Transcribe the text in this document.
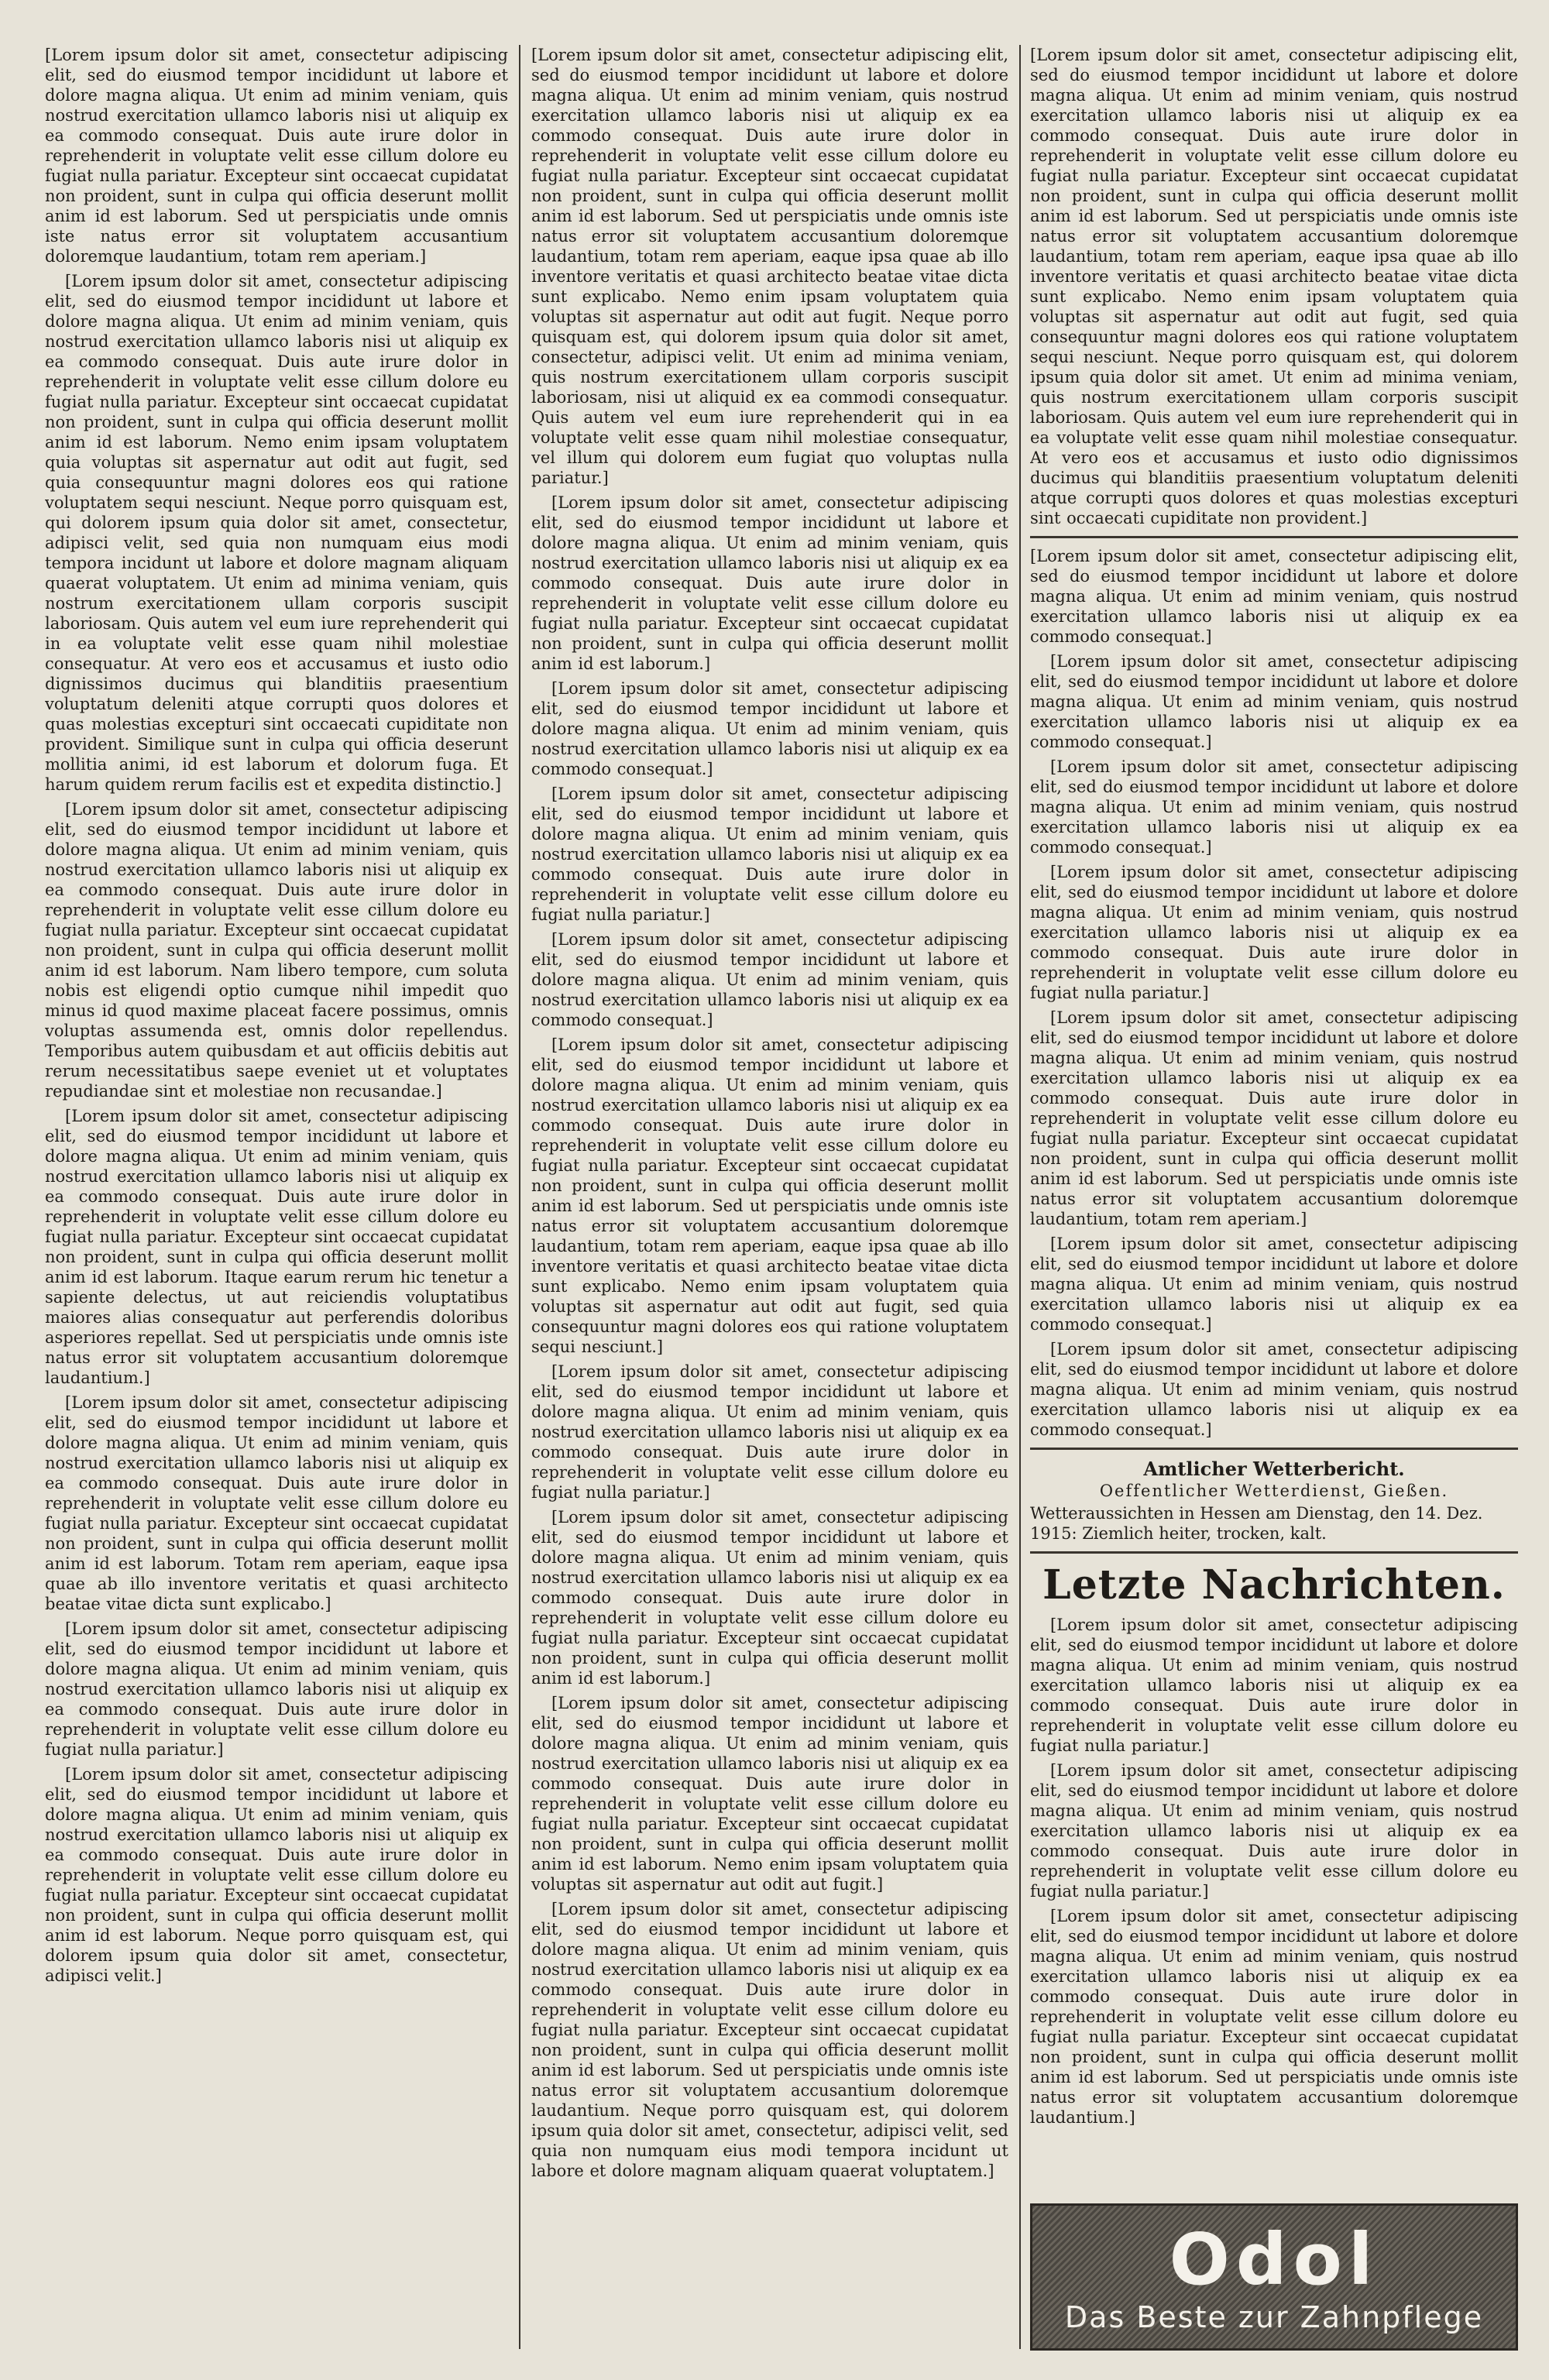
[Lorem ipsum dolor sit amet, consectetur adipiscing elit, sed do eiusmod tempor incididunt ut labore et dolore magna aliqua. Ut enim ad minim veniam, quis nostrud exercitation ullamco laboris nisi ut aliquip ex ea commodo consequat. Duis aute irure dolor in reprehenderit in voluptate velit esse cillum dolore eu fugiat nulla pariatur. Excepteur sint occaecat cupidatat non proident, sunt in culpa qui officia deserunt mollit anim id est laborum. Sed ut perspiciatis unde omnis iste natus error sit voluptatem accusantium doloremque laudantium, totam rem aperiam.]

[Lorem ipsum dolor sit amet, consectetur adipiscing elit, sed do eiusmod tempor incididunt ut labore et dolore magna aliqua. Ut enim ad minim veniam, quis nostrud exercitation ullamco laboris nisi ut aliquip ex ea commodo consequat. Duis aute irure dolor in reprehenderit in voluptate velit esse cillum dolore eu fugiat nulla pariatur. Excepteur sint occaecat cupidatat non proident, sunt in culpa qui officia deserunt mollit anim id est laborum. Nemo enim ipsam voluptatem quia voluptas sit aspernatur aut odit aut fugit, sed quia consequuntur magni dolores eos qui ratione voluptatem sequi nesciunt. Neque porro quisquam est, qui dolorem ipsum quia dolor sit amet, consectetur, adipisci velit, sed quia non numquam eius modi tempora incidunt ut labore et dolore magnam aliquam quaerat voluptatem. Ut enim ad minima veniam, quis nostrum exercitationem ullam corporis suscipit laboriosam. Quis autem vel eum iure reprehenderit qui in ea voluptate velit esse quam nihil molestiae consequatur. At vero eos et accusamus et iusto odio dignissimos ducimus qui blanditiis praesentium voluptatum deleniti atque corrupti quos dolores et quas molestias excepturi sint occaecati cupiditate non provident. Similique sunt in culpa qui officia deserunt mollitia animi, id est laborum et dolorum fuga. Et harum quidem rerum facilis est et expedita distinctio.]

[Lorem ipsum dolor sit amet, consectetur adipiscing elit, sed do eiusmod tempor incididunt ut labore et dolore magna aliqua. Ut enim ad minim veniam, quis nostrud exercitation ullamco laboris nisi ut aliquip ex ea commodo consequat. Duis aute irure dolor in reprehenderit in voluptate velit esse cillum dolore eu fugiat nulla pariatur. Excepteur sint occaecat cupidatat non proident, sunt in culpa qui officia deserunt mollit anim id est laborum. Nam libero tempore, cum soluta nobis est eligendi optio cumque nihil impedit quo minus id quod maxime placeat facere possimus, omnis voluptas assumenda est, omnis dolor repellendus. Temporibus autem quibusdam et aut officiis debitis aut rerum necessitatibus saepe eveniet ut et voluptates repudiandae sint et molestiae non recusandae.]

[Lorem ipsum dolor sit amet, consectetur adipiscing elit, sed do eiusmod tempor incididunt ut labore et dolore magna aliqua. Ut enim ad minim veniam, quis nostrud exercitation ullamco laboris nisi ut aliquip ex ea commodo consequat. Duis aute irure dolor in reprehenderit in voluptate velit esse cillum dolore eu fugiat nulla pariatur. Excepteur sint occaecat cupidatat non proident, sunt in culpa qui officia deserunt mollit anim id est laborum. Itaque earum rerum hic tenetur a sapiente delectus, ut aut reiciendis voluptatibus maiores alias consequatur aut perferendis doloribus asperiores repellat. Sed ut perspiciatis unde omnis iste natus error sit voluptatem accusantium doloremque laudantium.]

[Lorem ipsum dolor sit amet, consectetur adipiscing elit, sed do eiusmod tempor incididunt ut labore et dolore magna aliqua. Ut enim ad minim veniam, quis nostrud exercitation ullamco laboris nisi ut aliquip ex ea commodo consequat. Duis aute irure dolor in reprehenderit in voluptate velit esse cillum dolore eu fugiat nulla pariatur. Excepteur sint occaecat cupidatat non proident, sunt in culpa qui officia deserunt mollit anim id est laborum. Totam rem aperiam, eaque ipsa quae ab illo inventore veritatis et quasi architecto beatae vitae dicta sunt explicabo.]

[Lorem ipsum dolor sit amet, consectetur adipiscing elit, sed do eiusmod tempor incididunt ut labore et dolore magna aliqua. Ut enim ad minim veniam, quis nostrud exercitation ullamco laboris nisi ut aliquip ex ea commodo consequat. Duis aute irure dolor in reprehenderit in voluptate velit esse cillum dolore eu fugiat nulla pariatur.]

[Lorem ipsum dolor sit amet, consectetur adipiscing elit, sed do eiusmod tempor incididunt ut labore et dolore magna aliqua. Ut enim ad minim veniam, quis nostrud exercitation ullamco laboris nisi ut aliquip ex ea commodo consequat. Duis aute irure dolor in reprehenderit in voluptate velit esse cillum dolore eu fugiat nulla pariatur. Excepteur sint occaecat cupidatat non proident, sunt in culpa qui officia deserunt mollit anim id est laborum. Neque porro quisquam est, qui dolorem ipsum quia dolor sit amet, consectetur, adipisci velit.]

[Lorem ipsum dolor sit amet, consectetur adipiscing elit, sed do eiusmod tempor incididunt ut labore et dolore magna aliqua. Ut enim ad minim veniam, quis nostrud exercitation ullamco laboris nisi ut aliquip ex ea commodo consequat. Duis aute irure dolor in reprehenderit in voluptate velit esse cillum dolore eu fugiat nulla pariatur. Excepteur sint occaecat cupidatat non proident, sunt in culpa qui officia deserunt mollit anim id est laborum. Sed ut perspiciatis unde omnis iste natus error sit voluptatem accusantium doloremque laudantium, totam rem aperiam, eaque ipsa quae ab illo inventore veritatis et quasi architecto beatae vitae dicta sunt explicabo. Nemo enim ipsam voluptatem quia voluptas sit aspernatur aut odit aut fugit. Neque porro quisquam est, qui dolorem ipsum quia dolor sit amet, consectetur, adipisci velit. Ut enim ad minima veniam, quis nostrum exercitationem ullam corporis suscipit laboriosam, nisi ut aliquid ex ea commodi consequatur. Quis autem vel eum iure reprehenderit qui in ea voluptate velit esse quam nihil molestiae consequatur, vel illum qui dolorem eum fugiat quo voluptas nulla pariatur.]

[Lorem ipsum dolor sit amet, consectetur adipiscing elit, sed do eiusmod tempor incididunt ut labore et dolore magna aliqua. Ut enim ad minim veniam, quis nostrud exercitation ullamco laboris nisi ut aliquip ex ea commodo consequat. Duis aute irure dolor in reprehenderit in voluptate velit esse cillum dolore eu fugiat nulla pariatur. Excepteur sint occaecat cupidatat non proident, sunt in culpa qui officia deserunt mollit anim id est laborum.]

[Lorem ipsum dolor sit amet, consectetur adipiscing elit, sed do eiusmod tempor incididunt ut labore et dolore magna aliqua. Ut enim ad minim veniam, quis nostrud exercitation ullamco laboris nisi ut aliquip ex ea commodo consequat.]

[Lorem ipsum dolor sit amet, consectetur adipiscing elit, sed do eiusmod tempor incididunt ut labore et dolore magna aliqua. Ut enim ad minim veniam, quis nostrud exercitation ullamco laboris nisi ut aliquip ex ea commodo consequat. Duis aute irure dolor in reprehenderit in voluptate velit esse cillum dolore eu fugiat nulla pariatur.]

[Lorem ipsum dolor sit amet, consectetur adipiscing elit, sed do eiusmod tempor incididunt ut labore et dolore magna aliqua. Ut enim ad minim veniam, quis nostrud exercitation ullamco laboris nisi ut aliquip ex ea commodo consequat.]

[Lorem ipsum dolor sit amet, consectetur adipiscing elit, sed do eiusmod tempor incididunt ut labore et dolore magna aliqua. Ut enim ad minim veniam, quis nostrud exercitation ullamco laboris nisi ut aliquip ex ea commodo consequat. Duis aute irure dolor in reprehenderit in voluptate velit esse cillum dolore eu fugiat nulla pariatur. Excepteur sint occaecat cupidatat non proident, sunt in culpa qui officia deserunt mollit anim id est laborum. Sed ut perspiciatis unde omnis iste natus error sit voluptatem accusantium doloremque laudantium, totam rem aperiam, eaque ipsa quae ab illo inventore veritatis et quasi architecto beatae vitae dicta sunt explicabo. Nemo enim ipsam voluptatem quia voluptas sit aspernatur aut odit aut fugit, sed quia consequuntur magni dolores eos qui ratione voluptatem sequi nesciunt.]

[Lorem ipsum dolor sit amet, consectetur adipiscing elit, sed do eiusmod tempor incididunt ut labore et dolore magna aliqua. Ut enim ad minim veniam, quis nostrud exercitation ullamco laboris nisi ut aliquip ex ea commodo consequat. Duis aute irure dolor in reprehenderit in voluptate velit esse cillum dolore eu fugiat nulla pariatur.]

[Lorem ipsum dolor sit amet, consectetur adipiscing elit, sed do eiusmod tempor incididunt ut labore et dolore magna aliqua. Ut enim ad minim veniam, quis nostrud exercitation ullamco laboris nisi ut aliquip ex ea commodo consequat. Duis aute irure dolor in reprehenderit in voluptate velit esse cillum dolore eu fugiat nulla pariatur. Excepteur sint occaecat cupidatat non proident, sunt in culpa qui officia deserunt mollit anim id est laborum.]

[Lorem ipsum dolor sit amet, consectetur adipiscing elit, sed do eiusmod tempor incididunt ut labore et dolore magna aliqua. Ut enim ad minim veniam, quis nostrud exercitation ullamco laboris nisi ut aliquip ex ea commodo consequat. Duis aute irure dolor in reprehenderit in voluptate velit esse cillum dolore eu fugiat nulla pariatur. Excepteur sint occaecat cupidatat non proident, sunt in culpa qui officia deserunt mollit anim id est laborum. Nemo enim ipsam voluptatem quia voluptas sit aspernatur aut odit aut fugit.]

[Lorem ipsum dolor sit amet, consectetur adipiscing elit, sed do eiusmod tempor incididunt ut labore et dolore magna aliqua. Ut enim ad minim veniam, quis nostrud exercitation ullamco laboris nisi ut aliquip ex ea commodo consequat. Duis aute irure dolor in reprehenderit in voluptate velit esse cillum dolore eu fugiat nulla pariatur. Excepteur sint occaecat cupidatat non proident, sunt in culpa qui officia deserunt mollit anim id est laborum. Sed ut perspiciatis unde omnis iste natus error sit voluptatem accusantium doloremque laudantium. Neque porro quisquam est, qui dolorem ipsum quia dolor sit amet, consectetur, adipisci velit, sed quia non numquam eius modi tempora incidunt ut labore et dolore magnam aliquam quaerat voluptatem.]

[Lorem ipsum dolor sit amet, consectetur adipiscing elit, sed do eiusmod tempor incididunt ut labore et dolore magna aliqua. Ut enim ad minim veniam, quis nostrud exercitation ullamco laboris nisi ut aliquip ex ea commodo consequat. Duis aute irure dolor in reprehenderit in voluptate velit esse cillum dolore eu fugiat nulla pariatur. Excepteur sint occaecat cupidatat non proident, sunt in culpa qui officia deserunt mollit anim id est laborum. Sed ut perspiciatis unde omnis iste natus error sit voluptatem accusantium doloremque laudantium, totam rem aperiam, eaque ipsa quae ab illo inventore veritatis et quasi architecto beatae vitae dicta sunt explicabo. Nemo enim ipsam voluptatem quia voluptas sit aspernatur aut odit aut fugit, sed quia consequuntur magni dolores eos qui ratione voluptatem sequi nesciunt. Neque porro quisquam est, qui dolorem ipsum quia dolor sit amet. Ut enim ad minima veniam, quis nostrum exercitationem ullam corporis suscipit laboriosam. Quis autem vel eum iure reprehenderit qui in ea voluptate velit esse quam nihil molestiae consequatur. At vero eos et accusamus et iusto odio dignissimos ducimus qui blanditiis praesentium voluptatum deleniti atque corrupti quos dolores et quas molestias excepturi sint occaecati cupiditate non provident.]

[Lorem ipsum dolor sit amet, consectetur adipiscing elit, sed do eiusmod tempor incididunt ut labore et dolore magna aliqua. Ut enim ad minim veniam, quis nostrud exercitation ullamco laboris nisi ut aliquip ex ea commodo consequat.]

[Lorem ipsum dolor sit amet, consectetur adipiscing elit, sed do eiusmod tempor incididunt ut labore et dolore magna aliqua. Ut enim ad minim veniam, quis nostrud exercitation ullamco laboris nisi ut aliquip ex ea commodo consequat.]

[Lorem ipsum dolor sit amet, consectetur adipiscing elit, sed do eiusmod tempor incididunt ut labore et dolore magna aliqua. Ut enim ad minim veniam, quis nostrud exercitation ullamco laboris nisi ut aliquip ex ea commodo consequat.]

[Lorem ipsum dolor sit amet, consectetur adipiscing elit, sed do eiusmod tempor incididunt ut labore et dolore magna aliqua. Ut enim ad minim veniam, quis nostrud exercitation ullamco laboris nisi ut aliquip ex ea commodo consequat. Duis aute irure dolor in reprehenderit in voluptate velit esse cillum dolore eu fugiat nulla pariatur.]

[Lorem ipsum dolor sit amet, consectetur adipiscing elit, sed do eiusmod tempor incididunt ut labore et dolore magna aliqua. Ut enim ad minim veniam, quis nostrud exercitation ullamco laboris nisi ut aliquip ex ea commodo consequat. Duis aute irure dolor in reprehenderit in voluptate velit esse cillum dolore eu fugiat nulla pariatur. Excepteur sint occaecat cupidatat non proident, sunt in culpa qui officia deserunt mollit anim id est laborum. Sed ut perspiciatis unde omnis iste natus error sit voluptatem accusantium doloremque laudantium, totam rem aperiam.]

[Lorem ipsum dolor sit amet, consectetur adipiscing elit, sed do eiusmod tempor incididunt ut labore et dolore magna aliqua. Ut enim ad minim veniam, quis nostrud exercitation ullamco laboris nisi ut aliquip ex ea commodo consequat.]

[Lorem ipsum dolor sit amet, consectetur adipiscing elit, sed do eiusmod tempor incididunt ut labore et dolore magna aliqua. Ut enim ad minim veniam, quis nostrud exercitation ullamco laboris nisi ut aliquip ex ea commodo consequat.]

Amtlicher Wetterbericht.
Oeffentlicher Wetterdienst, Gießen.

Wetteraussichten in Hessen am Dienstag, den 14. Dez. 1915: Ziemlich heiter, trocken, kalt.

Letzte Nachrichten.

[Lorem ipsum dolor sit amet, consectetur adipiscing elit, sed do eiusmod tempor incididunt ut labore et dolore magna aliqua. Ut enim ad minim veniam, quis nostrud exercitation ullamco laboris nisi ut aliquip ex ea commodo consequat. Duis aute irure dolor in reprehenderit in voluptate velit esse cillum dolore eu fugiat nulla pariatur.]

[Lorem ipsum dolor sit amet, consectetur adipiscing elit, sed do eiusmod tempor incididunt ut labore et dolore magna aliqua. Ut enim ad minim veniam, quis nostrud exercitation ullamco laboris nisi ut aliquip ex ea commodo consequat. Duis aute irure dolor in reprehenderit in voluptate velit esse cillum dolore eu fugiat nulla pariatur.]

[Lorem ipsum dolor sit amet, consectetur adipiscing elit, sed do eiusmod tempor incididunt ut labore et dolore magna aliqua. Ut enim ad minim veniam, quis nostrud exercitation ullamco laboris nisi ut aliquip ex ea commodo consequat. Duis aute irure dolor in reprehenderit in voluptate velit esse cillum dolore eu fugiat nulla pariatur. Excepteur sint occaecat cupidatat non proident, sunt in culpa qui officia deserunt mollit anim id est laborum. Sed ut perspiciatis unde omnis iste natus error sit voluptatem accusantium doloremque laudantium.]

Odol
Das Beste zur Zahnpflege
